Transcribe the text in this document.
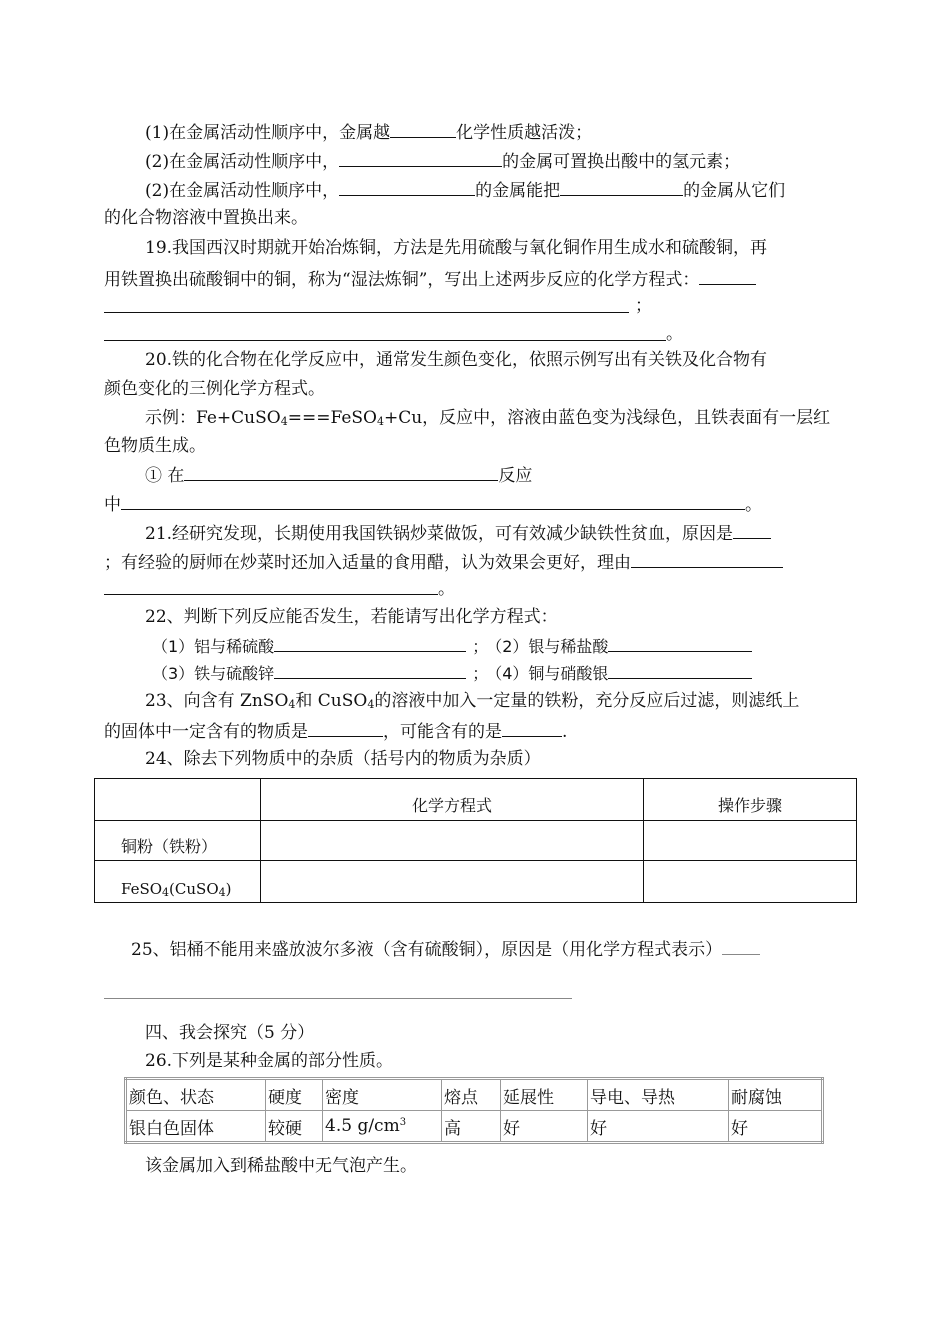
(1)在金属活动性顺序中，金属越	化学性质越活泼；
(2)在金属活动性顺序中，	的金属可置换出酸中的氢元素；
(2)在金属活动性顺序中，	的金属能把	的金属从它们
的化合物溶液中置换出来。
19.我国西汉时期就开始冶炼铜，方法是先用硫酸与氧化铜作用生成水和硫酸铜，再
用铁置换出硫酸铜中的铜，称为“湿法炼铜”，写出上述两步反应的化学方程式：
；
。
20.铁的化合物在化学反应中，通常发生颜色变化，依照示例写出有关铁及化合物有
颜色变化的三例化学方程式。
示例：Fe+CuSO$_4$===FeSO$_4$+Cu，反应中，溶液由蓝色变为浅绿色，且铁表面有一层红
色物质生成。
① 在	反应
中	。
21.经研究发现，长期使用我国铁锅炒菜做饭，可有效减少缺铁性贫血，原因是
；有经验的厨师在炒菜时还加入适量的食用醋，认为效果会更好，理由
。
22、判断下列反应能否发生，若能请写出化学方程式：
（1）铝与稀硫酸	； （2）银与稀盐酸
（3）铁与硫酸锌	； （4）铜与硝酸银
23、向含有 ZnSO$_4$和 CuSO$_4$的溶液中加入一定量的铁粉，充分反应后过滤，则滤纸上
的固体中一定含有的物质是	，可能含有的是	.
24、除去下列物质中的杂质（括号内的物质为杂质）
	化学方程式	操作步骤
铜粉（铁粉）		
FeSO$_4$(CuSO$_4$)		
25、铝桶不能用来盛放波尔多液（含有硫酸铜），原因是（用化学方程式表示）
四、我会探究（5 分）
26.下列是某种金属的部分性质。
颜色、状态	硬度	密度	熔点	延展性	导电、导热	耐腐蚀
银白色固体	较硬	4.5 $g/cm^3$	高	好	好	好
该金属加入到稀盐酸中无气泡产生。
